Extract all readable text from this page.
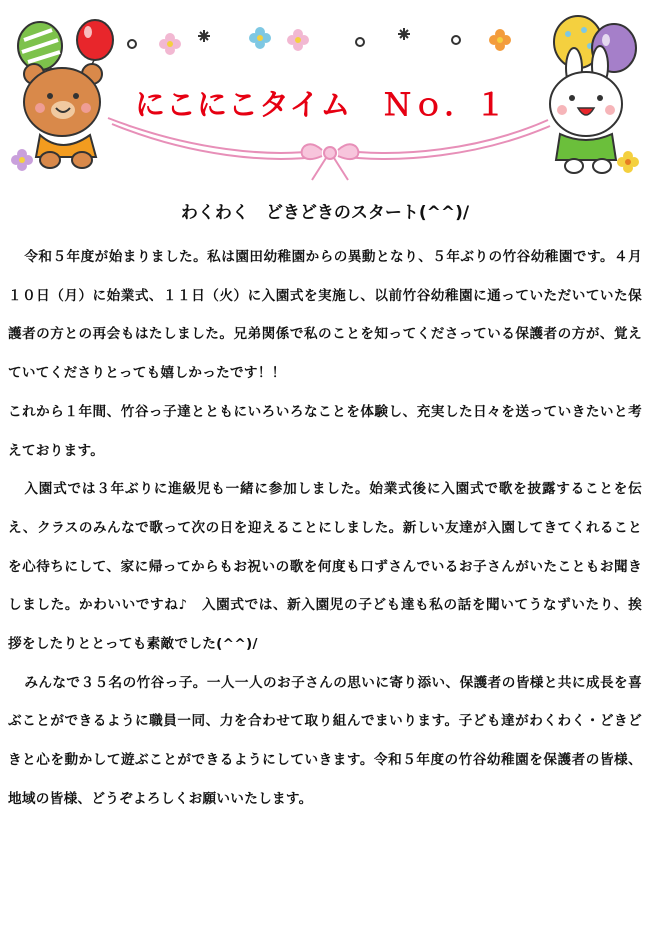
にこにこタイム　Ｎｏ．１
わくわく　どきどきのスタート(^^)/

令和５年度が始まりました。私は園田幼稚園からの異動となり、５年ぶりの竹谷幼稚園です。４月１０日（月）に始業式、１１日（火）に入園式を実施し、以前竹谷幼稚園に通っていただいていた保護者の方との再会もはたしました。兄弟関係で私のことを知ってくださっている保護者の方が、覚えていてくださりとっても嬉しかったです！！

これから１年間、竹谷っ子達とともにいろいろなことを体験し、充実した日々を送っていきたいと考えております。

入園式では３年ぶりに進級児も一緒に参加しました。始業式後に入園式で歌を披露することを伝え、クラスのみんなで歌って次の日を迎えることにしました。新しい友達が入園してきてくれることを心待ちにして、家に帰ってからもお祝いの歌を何度も口ずさんでいるお子さんがいたこともお聞きしました。かわいいですね♪　入園式では、新入園児の子ども達も私の話を聞いてうなずいたり、挨拶をしたりととっても素敵でした(^^)/

みんなで３５名の竹谷っ子。一人一人のお子さんの思いに寄り添い、保護者の皆様と共に成長を喜ぶことができるように職員一同、力を合わせて取り組んでまいります。子ども達がわくわく・どきどきと心を動かして遊ぶことができるようにしていきます。令和５年度の竹谷幼稚園を保護者の皆様、地域の皆様、どうぞよろしくお願いいたします。
